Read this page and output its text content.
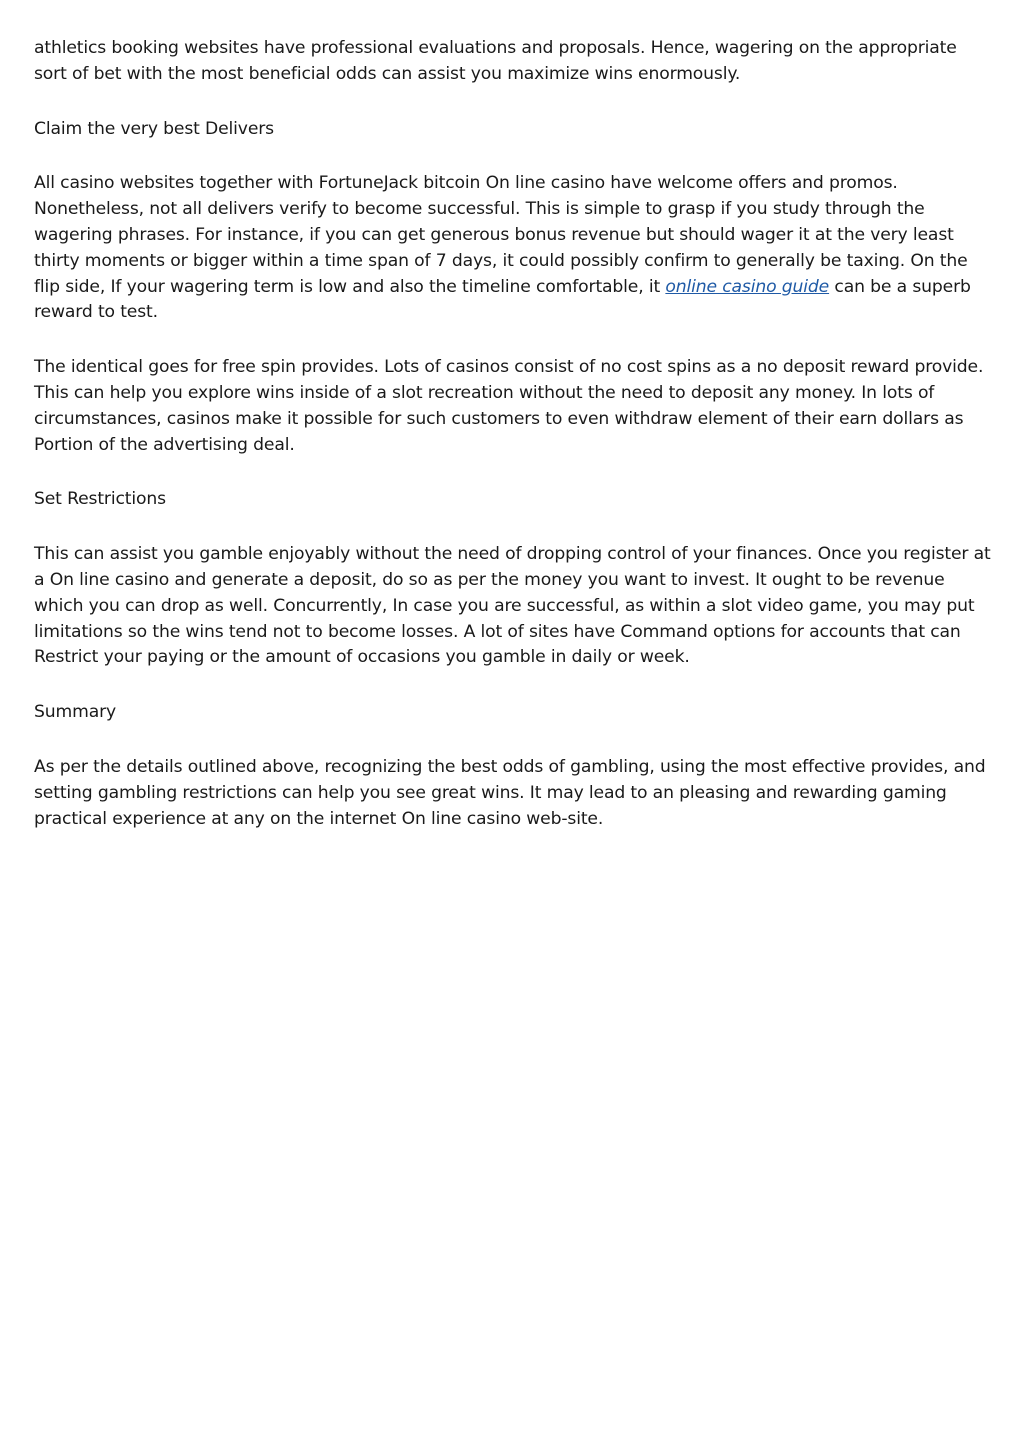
athletics booking websites have professional evaluations and proposals. Hence, wagering on the appropriate sort of bet with the most beneficial odds can assist you maximize wins enormously.

Claim the very best Delivers

All casino websites together with FortuneJack bitcoin On line casino have welcome offers and promos. Nonetheless, not all delivers verify to become successful. This is simple to grasp if you study through the wagering phrases. For instance, if you can get generous bonus revenue but should wager it at the very least thirty moments or bigger within a time span of 7 days, it could possibly confirm to generally be taxing. On the flip side, If your wagering term is low and also the timeline comfortable, it online casino guide can be a superb reward to test.

The identical goes for free spin provides. Lots of casinos consist of no cost spins as a no deposit reward provide. This can help you explore wins inside of a slot recreation without the need to deposit any money. In lots of circumstances, casinos make it possible for such customers to even withdraw element of their earn dollars as Portion of the advertising deal.

Set Restrictions

This can assist you gamble enjoyably without the need of dropping control of your finances. Once you register at a On line casino and generate a deposit, do so as per the money you want to invest. It ought to be revenue which you can drop as well. Concurrently, In case you are successful, as within a slot video game, you may put limitations so the wins tend not to become losses. A lot of sites have Command options for accounts that can Restrict your paying or the amount of occasions you gamble in daily or week.

Summary

As per the details outlined above, recognizing the best odds of gambling, using the most effective provides, and setting gambling restrictions can help you see great wins. It may lead to an pleasing and rewarding gaming practical experience at any on the internet On line casino web-site.
